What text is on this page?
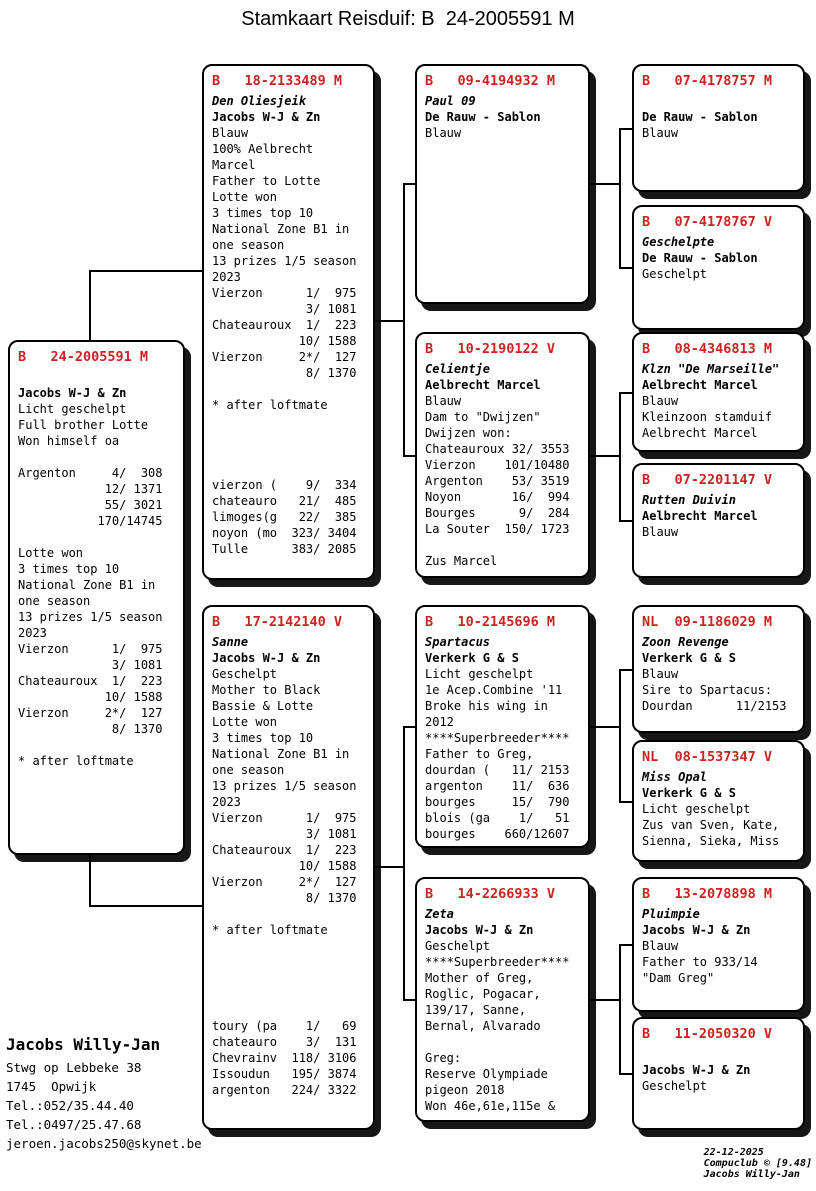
Stamkaart Reisduif: B  24-2005591 M
B   24-2005591 M
Jacobs W-J & Zn
Licht geschelpt
Full brother Lotte
Won himself oa
Argenton     4/  308
12/ 1371
55/ 3021
170/14745
Lotte won
3 times top 10
National Zone B1 in
one season
13 prizes 1/5 season
2023
Vierzon      1/  975
3/ 1081
Chateauroux  1/  223
10/ 1588
Vierzon     2*/  127
8/ 1370
* after loftmate
B   18-2133489 M
Den Oliesjeik
Jacobs W-J & Zn
Blauw
100% Aelbrecht
Marcel
Father to Lotte
Lotte won
3 times top 10
National Zone B1 in
one season
13 prizes 1/5 season
2023
Vierzon      1/  975
3/ 1081
Chateauroux  1/  223
10/ 1588
Vierzon     2*/  127
8/ 1370
* after loftmate
vierzon (    9/  334
chateauro   21/  485
limoges(g   22/  385
noyon (mo  323/ 3404
Tulle      383/ 2085
B   17-2142140 V
Sanne
Jacobs W-J & Zn
Geschelpt
Mother to Black
Bassie & Lotte
Lotte won
3 times top 10
National Zone B1 in
one season
13 prizes 1/5 season
2023
Vierzon      1/  975
3/ 1081
Chateauroux  1/  223
10/ 1588
Vierzon     2*/  127
8/ 1370
* after loftmate
toury (pa    1/   69
chateauro    3/  131
Chevrainv  118/ 3106
Issoudun   195/ 3874
argenton   224/ 3322
B   09-4194932 M
Paul 09
De Rauw - Sablon
Blauw
B   10-2190122 V
Celientje
Aelbrecht Marcel
Blauw
Dam to "Dwijzen"
Dwijzen won:
Chateauroux 32/ 3553
Vierzon    101/10480
Argenton    53/ 3519
Noyon       16/  994
Bourges      9/  284
La Souter  150/ 1723
Zus Marcel
B   10-2145696 M
Spartacus
Verkerk G & S
Licht geschelpt
1e Acep.Combine '11
Broke his wing in
2012
****Superbreeder****
Father to Greg,
dourdan (   11/ 2153
argenton    11/  636
bourges     15/  790
blois (ga    1/   51
bourges    660/12607
B   14-2266933 V
Zeta
Jacobs W-J & Zn
Geschelpt
****Superbreeder****
Mother of Greg,
Roglic, Pogacar,
139/17, Sanne,
Bernal, Alvarado
Greg:
Reserve Olympiade
pigeon 2018
Won 46e,61e,115e &
B   07-4178757 M
De Rauw - Sablon
Blauw
B   07-4178767 V
Geschelpte
De Rauw - Sablon
Geschelpt
B   08-4346813 M
Klzn "De Marseille"
Aelbrecht Marcel
Blauw
Kleinzoon stamduif
Aelbrecht Marcel
B   07-2201147 V
Rutten Duivin
Aelbrecht Marcel
Blauw
NL  09-1186029 M
Zoon Revenge
Verkerk G & S
Blauw
Sire to Spartacus:
Dourdan      11/2153
NL  08-1537347 V
Miss Opal
Verkerk G & S
Licht geschelpt
Zus van Sven, Kate,
Sienna, Sieka, Miss
B   13-2078898 M
Pluimpie
Jacobs W-J & Zn
Blauw
Father to 933/14
"Dam Greg"
B   11-2050320 V
Jacobs W-J & Zn
Geschelpt
Jacobs Willy-Jan
Stwg op Lebbeke 38
1745  Opwijk
Tel.:052/35.44.40
Tel.:0497/25.47.68
jeroen.jacobs250@skynet.be

22-12-2025
Compuclub © [9.48]
Jacobs Willy-Jan
